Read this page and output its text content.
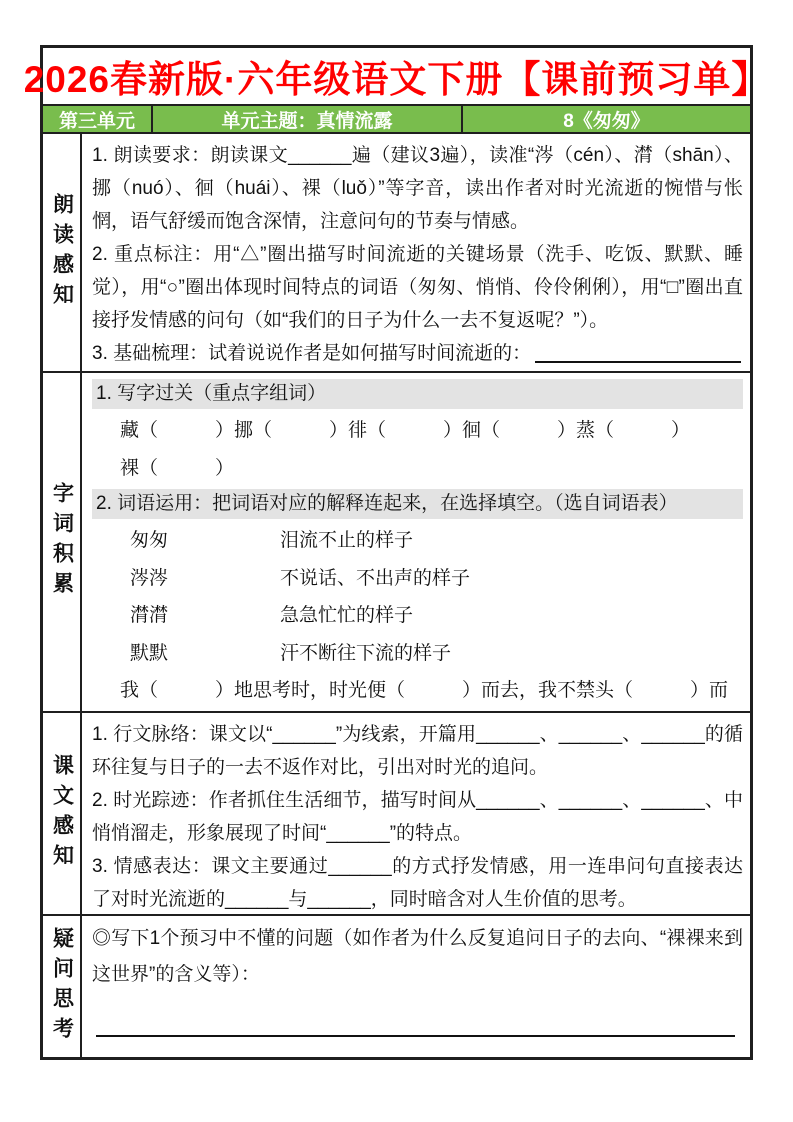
2026春新版·六年级语文下册【课前预习单】
第三单元	单元主题：真情流露	8《匆匆》
朗读感知

1. 朗读要求：朗读课文______遍（建议3遍），读准“涔（cén）、潸（shān）、挪（nuó）、徊（huái）、裸（luǒ）”等字音，读出作者对时光流逝的惋惜与怅惘，语气舒缓而饱含深情，注意问句的节奏与情感。

2. 重点标注：用“△”圈出描写时间流逝的关键场景（洗手、吃饭、默默、睡觉），用“○”圈出体现时间特点的词语（匆匆、悄悄、伶伶俐俐），用“□”圈出直接抒发情感的问句（如“我们的日子为什么一去不复返呢？”）。

3. 基础梳理：试着说说作者是如何描写时间流逝的：
字词积累
1. 写字过关（重点字组词）
藏（　　　）挪（　　　）徘（　　　）徊（　　　）蒸（　　　）
裸（　　　）
2. 词语运用：把词语对应的解释连起来，在选择填空。（选自词语表）
匆匆	泪流不止的样子
涔涔	不说话、不出声的样子
潸潸	急急忙忙的样子
默默	汗不断往下流的样子
我（　　　）地思考时，时光便（　　　）而去，我不禁头（　　　）而
课文感知

1. 行文脉络：课文以“______”为线索，开篇用______、______、______的循环往复与日子的一去不返作对比，引出对时光的追问。

2. 时光踪迹：作者抓住生活细节，描写时间从______、______、______、中悄悄溜走，形象展现了时间“______”的特点。

3. 情感表达：课文主要通过______的方式抒发情感，用一连串问句直接表达了对时光流逝的______与______，同时暗含对人生价值的思考。

疑问思考 ◎写下1个预习中不懂的问题（如作者为什么反复追问日子的去向、“裸裸来到这世界”的含义等）：
